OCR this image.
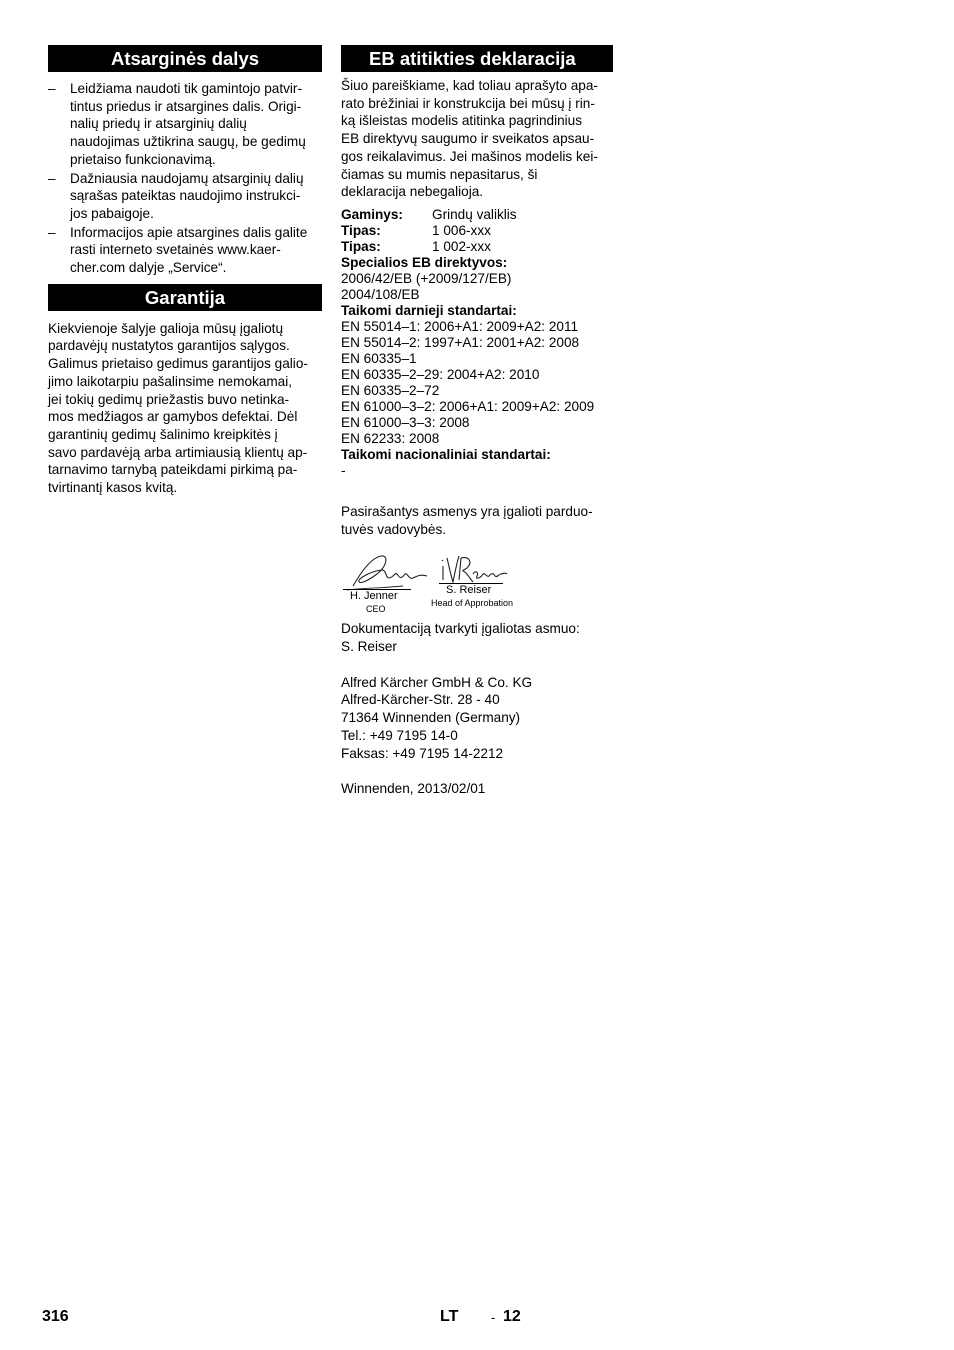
Atsarginės dalys
– Leidžiama naudoti tik gamintojo patvir-
tintus priedus ir atsargines dalis. Origi-
nalių priedų ir atsarginių dalių
naudojimas užtikrina saugų, be gedimų
prietaiso funkcionavimą.
– Dažniausia naudojamų atsarginių dalių
sąrašas pateiktas naudojimo instrukci-
jos pabaigoje.
– Informacijos apie atsargines dalis galite
rasti interneto svetainės www.kaer-
cher.com dalyje „Service“.
Garantija
Kiekvienoje šalyje galioja mūsų įgaliotų
pardavėjų nustatytos garantijos sąlygos.
Galimus prietaiso gedimus garantijos galio-
jimo laikotarpiu pašalinsime nemokamai,
jei tokių gedimų priežastis buvo netinka-
mos medžiagos ar gamybos defektai. Dėl
garantinių gedimų šalinimo kreipkitės į
savo pardavėją arba artimiausią klientų ap-
tarnavimo tarnybą pateikdami pirkimą pa-
tvirtinantį kasos kvitą.
EB atitikties deklaracija
Šiuo pareiškiame, kad toliau aprašyto apa-
rato brėžiniai ir konstrukcija bei mūsų į rin-
ką išleistas modelis atitinka pagrindinius
EB direktyvų saugumo ir sveikatos apsau-
gos reikalavimus. Jei mašinos modelis kei-
čiamas su mumis nepasitarus, ši
deklaracija nebegalioja.
Gaminys:	Grindų valiklis
Tipas:	1 006-xxx
Tipas:	1 002-xxx
Specialios EB direktyvos:
2006/42/EB (+2009/127/EB)
2004/108/EB
Taikomi darnieji standartai:
EN 55014–1: 2006+A1: 2009+A2: 2011
EN 55014–2: 1997+A1: 2001+A2: 2008
EN 60335–1
EN 60335–2–29: 2004+A2: 2010
EN 60335–2–72
EN 61000–3–2: 2006+A1: 2009+A2: 2009
EN 61000–3–3: 2008
EN 62233: 2008
Taikomi nacionaliniai standartai:
-
Pasirašantys asmenys yra įgalioti parduo-
tuvės vadovybės.
H. Jenner
CEO
S. Reiser
Head of Approbation
Dokumentaciją tvarkyti įgaliotas asmuo:
S. Reiser
Alfred Kärcher GmbH & Co. KG
Alfred-Kärcher-Str. 28 - 40
71364 Winnenden (Germany)
Tel.: +49 7195 14-0
Faksas: +49 7195 14-2212
Winnenden, 2013/02/01
316	LT	- 12
